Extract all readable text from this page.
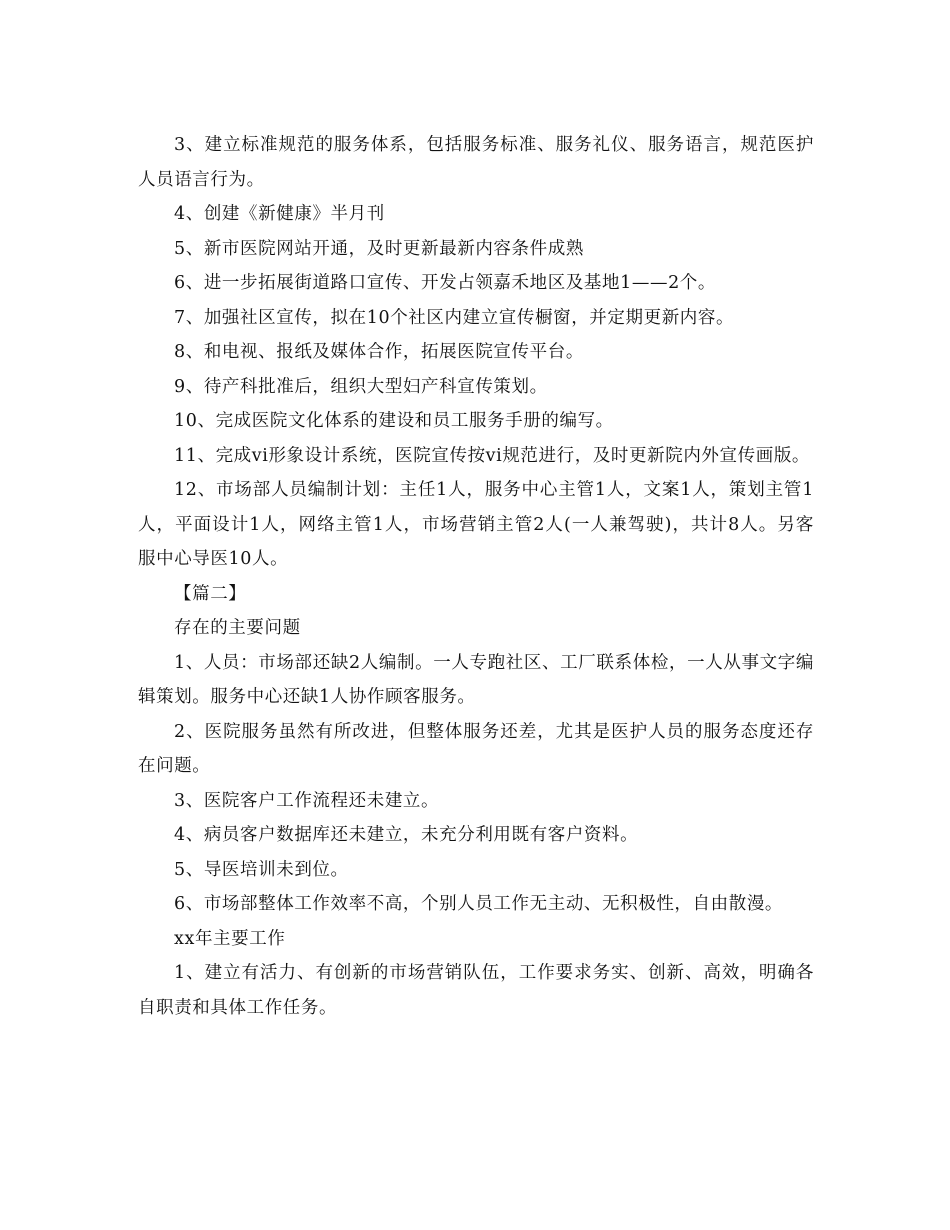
3、建立标准规范的服务体系，包括服务标准、服务礼仪、服务语言，规范医护人员语言行为。

4、创建《新健康》半月刊

5、新市医院网站开通，及时更新最新内容条件成熟

6、进一步拓展街道路口宣传、开发占领嘉禾地区及基地1——2个。

7、加强社区宣传，拟在10个社区内建立宣传橱窗，并定期更新内容。

8、和电视、报纸及媒体合作，拓展医院宣传平台。

9、待产科批准后，组织大型妇产科宣传策划。

10、完成医院文化体系的建设和员工服务手册的编写。

11、完成vi形象设计系统，医院宣传按vi规范进行，及时更新院内外宣传画版。

12、市场部人员编制计划：主任1人，服务中心主管1人，文案1人，策划主管1人，平面设计1人，网络主管1人，市场营销主管2人(一人兼驾驶)，共计8人。另客服中心导医10人。

【篇二】

存在的主要问题

1、人员：市场部还缺2人编制。一人专跑社区、工厂联系体检，一人从事文字编辑策划。服务中心还缺1人协作顾客服务。

2、医院服务虽然有所改进，但整体服务还差，尤其是医护人员的服务态度还存在问题。

3、医院客户工作流程还未建立。

4、病员客户数据库还未建立，未充分利用既有客户资料。

5、导医培训未到位。

6、市场部整体工作效率不高，个别人员工作无主动、无积极性，自由散漫。

xx年主要工作

1、建立有活力、有创新的市场营销队伍，工作要求务实、创新、高效，明确各自职责和具体工作任务。
